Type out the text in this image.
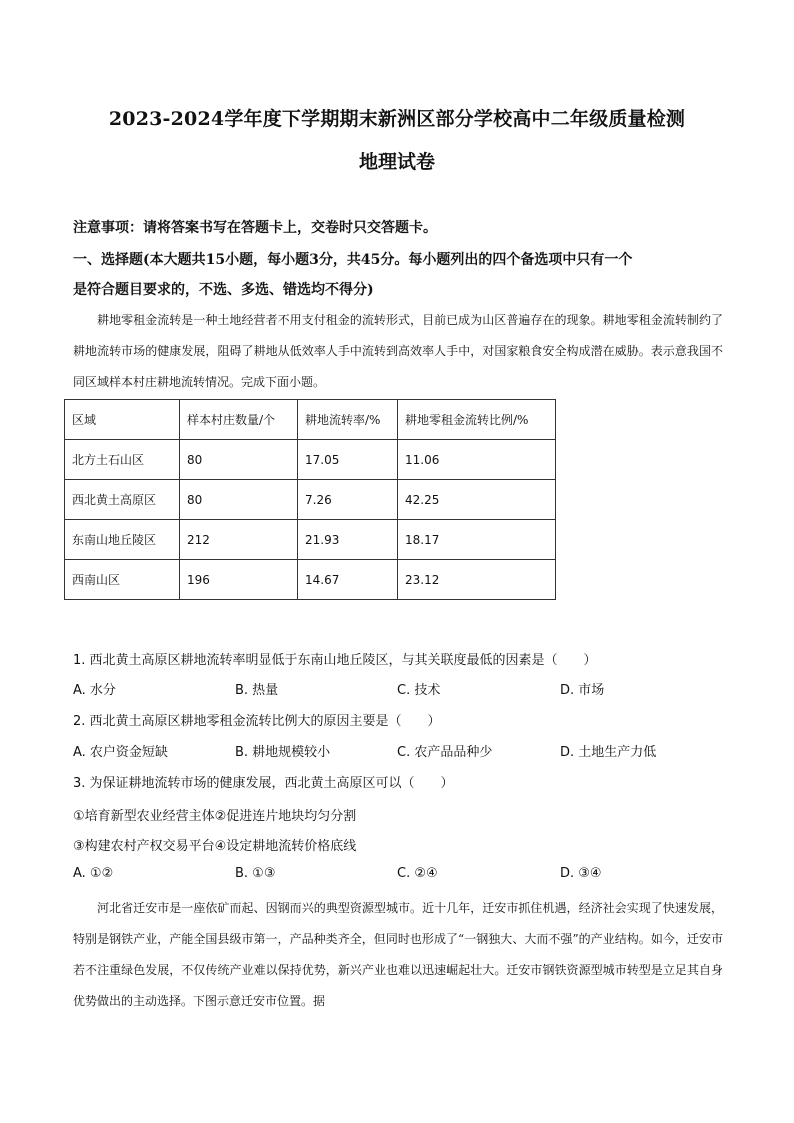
2023-2024学年度下学期期末新洲区部分学校高中二年级质量检测
地理试卷
注意事项：请将答案书写在答题卡上，交卷时只交答题卡。
一、选择题(本大题共15小题，每小题3分，共45分。每小题列出的四个备选项中只有一个
是符合题目要求的，不选、多选、错选均不得分)

耕地零租金流转是一种土地经营者不用支付租金的流转形式，目前已成为山区普遍存在的现象。耕地零租金流转制约了耕地流转市场的健康发展，阻碍了耕地从低效率人手中流转到高效率人手中，对国家粮食安全构成潜在威胁。表示意我国不同区域样本村庄耕地流转情况。完成下面小题。

区域	样本村庄数量/个	耕地流转率/%	耕地零租金流转比例/%
北方土石山区	80	17.05	11.06
西北黄土高原区	80	7.26	42.25
东南山地丘陵区	212	21.93	18.17
西南山区	196	14.67	23.12
1. 西北黄土高原区耕地流转率明显低于东南山地丘陵区，与其关联度最低的因素是（　　）
A. 水分	B. 热量	C. 技术	D. 市场
2. 西北黄土高原区耕地零租金流转比例大的原因主要是（　　）
A. 农户资金短缺	B. 耕地规模较小	C. 农产品品种少	D. 土地生产力低
3. 为保证耕地流转市场的健康发展，西北黄土高原区可以（　　）
①培育新型农业经营主体②促进连片地块均匀分割
③构建农村产权交易平台④设定耕地流转价格底线
A. ①②	B. ①③	C. ②④	D. ③④

河北省迁安市是一座依矿而起、因钢而兴的典型资源型城市。近十几年，迁安市抓住机遇，经济社会实现了快速发展，特别是钢铁产业，产能全国县级市第一，产品种类齐全，但同时也形成了“一钢独大、大而不强”的产业结构。如今，迁安市若不注重绿色发展，不仅传统产业难以保持优势，新兴产业也难以迅速崛起壮大。迁安市钢铁资源型城市转型是立足其自身优势做出的主动选择。下图示意迁安市位置。据
